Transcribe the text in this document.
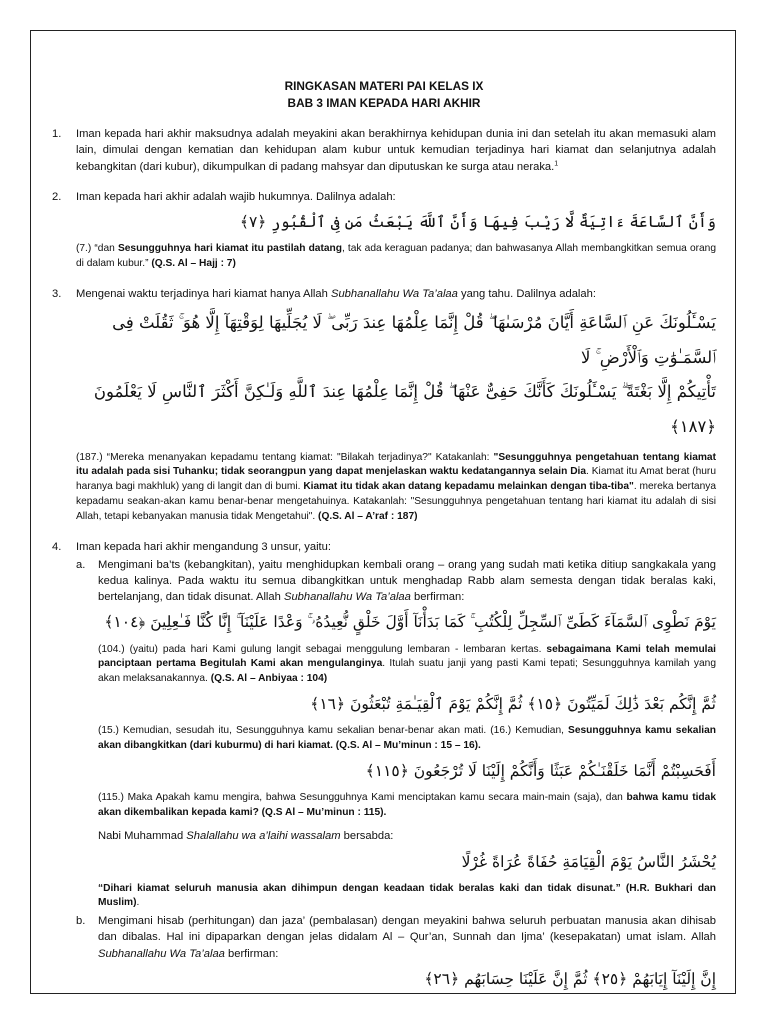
RINGKASAN MATERI PAI KELAS IX
BAB 3 IMAN KEPADA HARI AKHIR
1. Iman kepada hari akhir maksudnya adalah meyakini akan berakhirnya kehidupan dunia ini dan setelah itu akan memasuki alam lain, dimulai dengan kematian dan kehidupan alam kubur untuk kemudian terjadinya hari kiamat dan selanjutnya adalah kebangkitan (dari kubur), dikumpulkan di padang mahsyar dan diputuskan ke surga atau neraka.$^1$
2. Iman kepada hari akhir adalah wajib hukumnya. Dalilnya adalah:
وَأَنَّ ٱلسَّاعَةَ ءَاتِيَةٌ لَّا رَيْبَ فِيهَا وَأَنَّ ٱللَّهَ يَبْعَثُ مَن فِى ٱلْقُبُورِ ﴿٧﴾
(7.) “dan Sesungguhnya hari kiamat itu pastilah datang, tak ada keraguan padanya; dan bahwasanya Allah membangkitkan semua orang di dalam kubur.” (Q.S. Al – Hajj : 7)
3. Mengenai waktu terjadinya hari kiamat hanya Allah Subhanallahu Wa Ta’alaa yang tahu. Dalilnya adalah:
يَسْـَٔلُونَكَ عَنِ ٱلسَّاعَةِ أَيَّانَ مُرْسَىٰهَا ۖ قُلْ إِنَّمَا عِلْمُهَا عِندَ رَبِّى ۖ لَا يُجَلِّيهَا لِوَقْتِهَآ إِلَّا هُوَ ۚ ثَقُلَتْ فِى ٱلسَّمَـٰوَٰتِ وَٱلْأَرْضِ ۚ لَا
تَأْتِيكُمْ إِلَّا بَغْتَةً ۗ يَسْـَٔلُونَكَ كَأَنَّكَ حَفِىٌّ عَنْهَا ۖ قُلْ إِنَّمَا عِلْمُهَا عِندَ ٱللَّهِ وَلَـٰكِنَّ أَكْثَرَ ٱلنَّاسِ لَا يَعْلَمُونَ ﴿١٨٧﴾
(187.) “Mereka menanyakan kepadamu tentang kiamat: "Bilakah terjadinya?" Katakanlah: "Sesungguhnya pengetahuan tentang kiamat itu adalah pada sisi Tuhanku; tidak seorangpun yang dapat menjelaskan waktu kedatangannya selain Dia. Kiamat itu Amat berat (huru haranya bagi makhluk) yang di langit dan di bumi. Kiamat itu tidak akan datang kepadamu melainkan dengan tiba-tiba". mereka bertanya kepadamu seakan-akan kamu benar-benar mengetahuinya. Katakanlah: "Sesungguhnya pengetahuan tentang hari kiamat itu adalah di sisi Allah, tetapi kebanyakan manusia tidak Mengetahui". (Q.S. Al – A’raf : 187)
4. Iman kepada hari akhir mengandung 3 unsur, yaitu:
a. Mengimani ba’ts (kebangkitan), yaitu menghidupkan kembali orang – orang yang sudah mati ketika ditiup sangkakala yang kedua kalinya. Pada waktu itu semua dibangkitkan untuk menghadap Rabb alam semesta dengan tidak beralas kaki, bertelanjang, dan tidak disunat. Allah Subhanallahu Wa Ta’alaa berfirman:
يَوْمَ نَطْوِى ٱلسَّمَآءَ كَطَىِّ ٱلسِّجِلِّ لِلْكُتُبِ ۚ كَمَا بَدَأْنَآ أَوَّلَ خَلْقٍ نُّعِيدُهُۥ ۚ وَعْدًا عَلَيْنَآ ۚ إِنَّا كُنَّا فَـٰعِلِينَ ﴿١٠٤﴾
(104.) (yaitu) pada hari Kami gulung langit sebagai menggulung lembaran - lembaran kertas. sebagaimana Kami telah memulai panciptaan pertama Begitulah Kami akan mengulanginya. Itulah suatu janji yang pasti Kami tepati; Sesungguhnya kamilah yang akan melaksanakannya. (Q.S. Al – Anbiyaa : 104)
ثُمَّ إِنَّكُم بَعْدَ ذَٰلِكَ لَمَيِّتُونَ ﴿١٥﴾ ثُمَّ إِنَّكُمْ يَوْمَ ٱلْقِيَـٰمَةِ تُبْعَثُونَ ﴿١٦﴾
(15.) Kemudian, sesudah itu, Sesungguhnya kamu sekalian benar-benar akan mati. (16.) Kemudian, Sesungguhnya kamu sekalian akan dibangkitkan (dari kuburmu) di hari kiamat. (Q.S. Al – Mu’minun : 15 – 16).
أَفَحَسِبْتُمْ أَنَّمَا خَلَقْنَـٰكُمْ عَبَثًا وَأَنَّكُمْ إِلَيْنَا لَا تُرْجَعُونَ ﴿١١٥﴾
(115.) Maka Apakah kamu mengira, bahwa Sesungguhnya Kami menciptakan kamu secara main-main (saja), dan bahwa kamu tidak akan dikembalikan kepada kami? (Q.S Al – Mu’minun : 115).
Nabi Muhammad Shalallahu wa a’laihi wassalam bersabda:
يُحْشَرُ النَّاسُ يَوْمَ الْقِيَامَةِ حُفَاةً عُرَاةً غُرْلًا
“Dihari kiamat seluruh manusia akan dihimpun dengan keadaan tidak beralas kaki dan tidak disunat.” (H.R. Bukhari dan Muslim).
b. Mengimani hisab (perhitungan) dan jaza’ (pembalasan) dengan meyakini bahwa seluruh perbuatan manusia akan dihisab dan dibalas. Hal ini dipaparkan dengan jelas didalam Al – Qur’an, Sunnah dan Ijma’ (kesepakatan) umat islam. Allah Subhanallahu Wa Ta’alaa berfirman:
إِنَّ إِلَيْنَآ إِيَابَهُمْ ﴿٢٥﴾ ثُمَّ إِنَّ عَلَيْنَا حِسَابَهُم ﴿٢٦﴾
